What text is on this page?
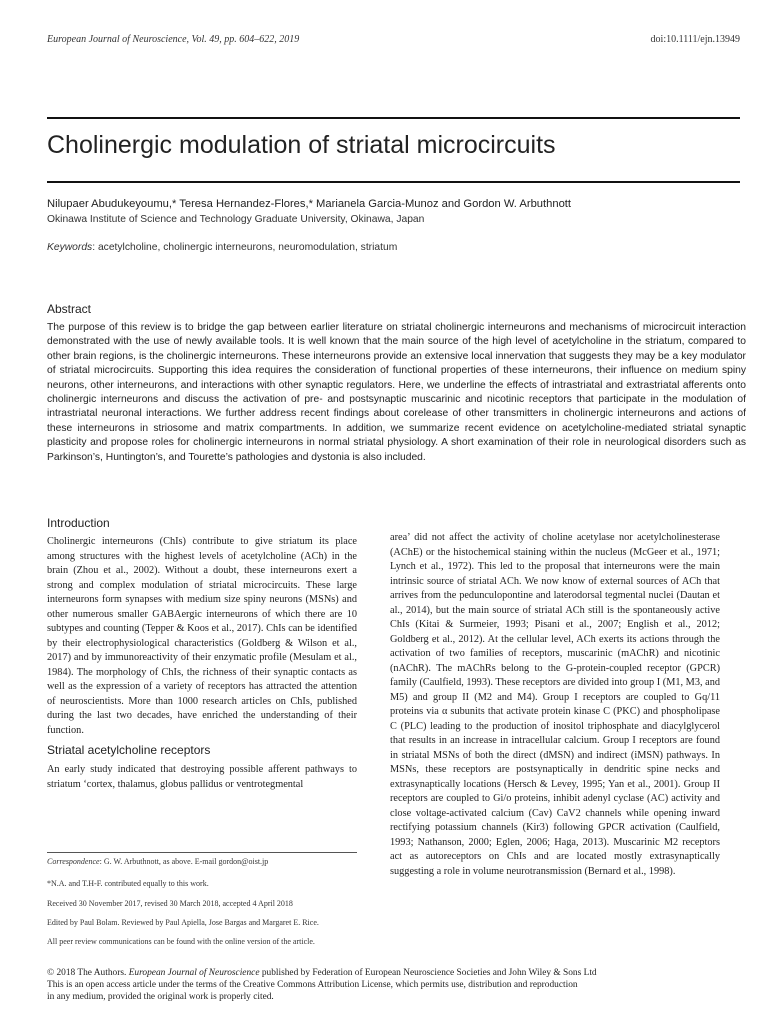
European Journal of Neuroscience, Vol. 49, pp. 604–622, 2019	doi:10.1111/ejn.13949
Cholinergic modulation of striatal microcircuits
Nilupaer Abudukeyoumu,* Teresa Hernandez-Flores,* Marianela Garcia-Munoz and Gordon W. Arbuthnott
Okinawa Institute of Science and Technology Graduate University, Okinawa, Japan
Keywords: acetylcholine, cholinergic interneurons, neuromodulation, striatum
Abstract

The purpose of this review is to bridge the gap between earlier literature on striatal cholinergic interneurons and mechanisms of microcircuit interaction demonstrated with the use of newly available tools. It is well known that the main source of the high level of acetylcholine in the striatum, compared to other brain regions, is the cholinergic interneurons. These interneurons provide an extensive local innervation that suggests they may be a key modulator of striatal microcircuits. Supporting this idea requires the consideration of functional properties of these interneurons, their influence on medium spiny neurons, other interneurons, and interactions with other synaptic regulators. Here, we underline the effects of intrastriatal and extrastriatal afferents onto cholinergic interneurons and discuss the activation of pre- and postsynaptic muscarinic and nicotinic receptors that participate in the modulation of intrastriatal neuronal interactions. We further address recent findings about corelease of other transmitters in cholinergic interneurons and actions of these interneurons in striosome and matrix compartments. In addition, we summarize recent evidence on acetylcholine-mediated striatal synaptic plasticity and propose roles for cholinergic interneurons in normal striatal physiology. A short examination of their role in neurological disorders such as Parkinson’s, Huntington’s, and Tourette’s pathologies and dystonia is also included.

Introduction

Cholinergic interneurons (ChIs) contribute to give striatum its place among structures with the highest levels of acetylcholine (ACh) in the brain (Zhou et al., 2002). Without a doubt, these interneurons exert a strong and complex modulation of striatal microcircuits. These large interneurons form synapses with medium size spiny neurons (MSNs) and other numerous smaller GABAergic interneurons of which there are 10 subtypes and counting (Tepper & Koos et al., 2017). ChIs can be identified by their electrophysiological characteristics (Goldberg & Wilson et al., 2017) and by immunoreactivity of their enzymatic profile (Mesulam et al., 1984). The morphology of ChIs, the richness of their synaptic contacts as well as the expression of a variety of receptors has attracted the attention of neuroscientists. More than 1000 research articles on ChIs, published during the last two decades, have enriched the understanding of their function.

Striatal acetylcholine receptors

An early study indicated that destroying possible afferent pathways to striatum ‘cortex, thalamus, globus pallidus or ventrotegmental

Correspondence: G. W. Arbuthnott, as above. E-mail gordon@oist.jp
*N.A. and T.H-F. contributed equally to this work.
Received 30 November 2017, revised 30 March 2018, accepted 4 April 2018
Edited by Paul Bolam. Reviewed by Paul Apiella, Jose Bargas and Margaret E. Rice.
All peer review communications can be found with the online version of the article.

area’ did not affect the activity of choline acetylase nor acetylcholinesterase (AChE) or the histochemical staining within the nucleus (McGeer et al., 1971; Lynch et al., 1972). This led to the proposal that interneurons were the main intrinsic source of striatal ACh. We now know of external sources of ACh that arrives from the pedunculopontine and laterodorsal tegmental nuclei (Dautan et al., 2014), but the main source of striatal ACh still is the spontaneously active ChIs (Kitai & Surmeier, 1993; Pisani et al., 2007; English et al., 2012; Goldberg et al., 2012). At the cellular level, ACh exerts its actions through the activation of two families of receptors, muscarinic (mAChR) and nicotinic (nAChR). The mAChRs belong to the G-protein-coupled receptor (GPCR) family (Caulfield, 1993). These receptors are divided into group I (M1, M3, and M5) and group II (M2 and M4). Group I receptors are coupled to Gq/11 proteins via α subunits that activate protein kinase C (PKC) and phospholipase C (PLC) leading to the production of inositol triphosphate and diacylglycerol that results in an increase in intracellular calcium. Group I receptors are found in striatal MSNs of both the direct (dMSN) and indirect (iMSN) pathways. In MSNs, these receptors are postsynaptically in dendritic spine necks and extrasynaptically locations (Hersch & Levey, 1995; Yan et al., 2001). Group II receptors are coupled to Gi/o proteins, inhibit adenyl cyclase (AC) activity and close voltage-activated calcium (Cav) CaV2 channels while opening inward rectifying potassium channels (Kir3) following GPCR activation (Caulfield, 1993; Nathanson, 2000; Eglen, 2006; Haga, 2013). Muscarinic M2 receptors act as autoreceptors on ChIs and are located mostly extrasynaptically suggesting a role in volume neurotransmission (Bernard et al., 1998).

© 2018 The Authors. European Journal of Neuroscience published by Federation of European Neuroscience Societies and John Wiley & Sons Ltd

This is an open access article under the terms of the Creative Commons Attribution License, which permits use, distribution and reproduction

in any medium, provided the original work is properly cited.
